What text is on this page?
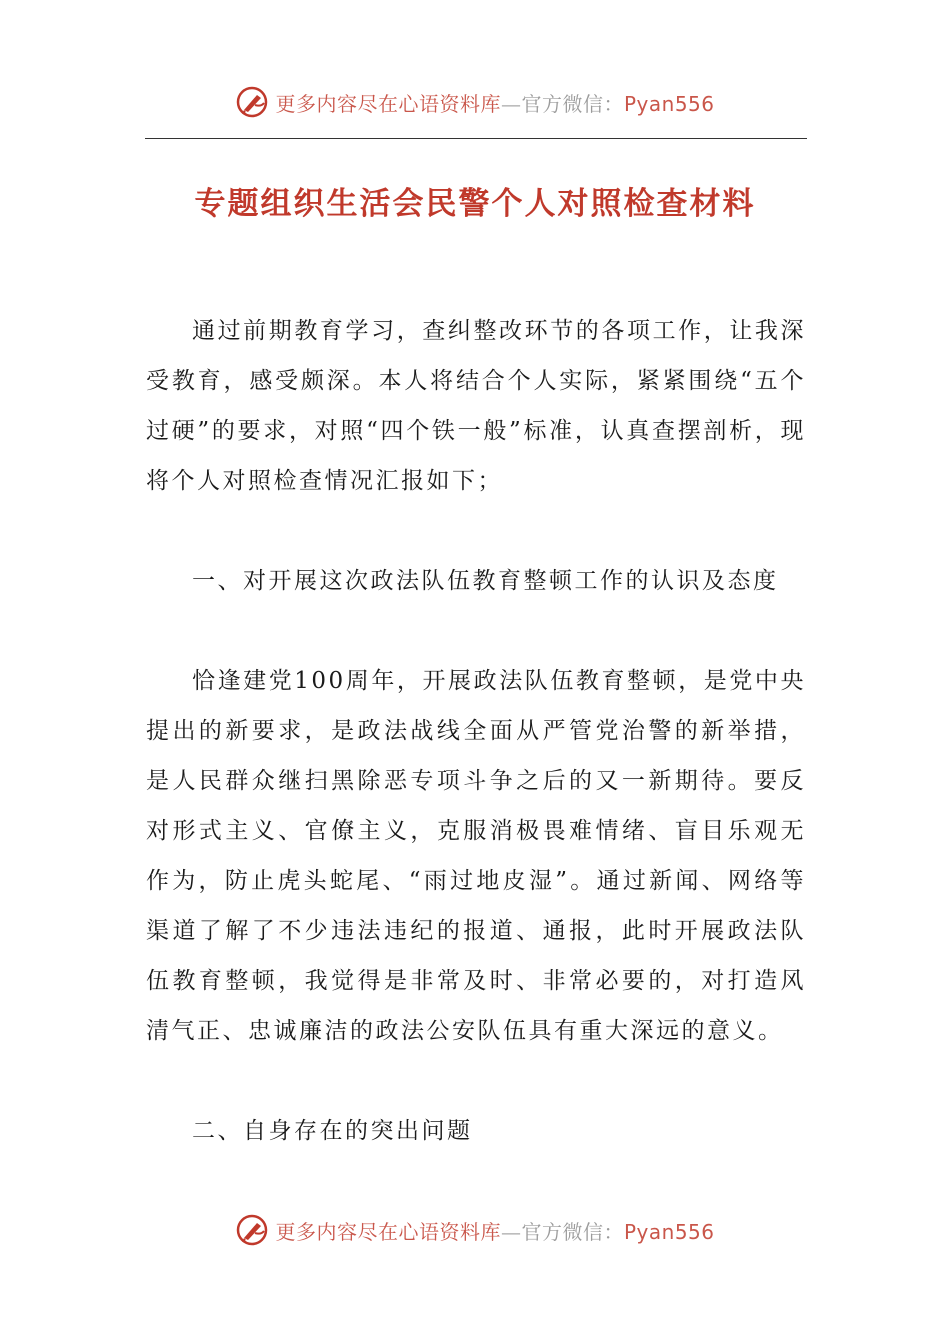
更多内容尽在心语资料库—官方微信：Pyan556
专题组织生活会民警个人对照检查材料

通过前期教育学习，查纠整改环节的各项工作，让我深受教育，感受颇深。本人将结合个人实际，紧紧围绕“五个过硬”的要求，对照“四个铁一般”标准，认真查摆剖析，现将个人对照检查情况汇报如下；

一、对开展这次政法队伍教育整顿工作的认识及态度

恰逢建党100周年，开展政法队伍教育整顿，是党中央提出的新要求，是政法战线全面从严管党治警的新举措，是人民群众继扫黑除恶专项斗争之后的又一新期待。要反对形式主义、官僚主义，克服消极畏难情绪、盲目乐观无作为，防止虎头蛇尾、“雨过地皮湿”。通过新闻、网络等渠道了解了不少违法违纪的报道、通报，此时开展政法队伍教育整顿，我觉得是非常及时、非常必要的，对打造风清气正、忠诚廉洁的政法公安队伍具有重大深远的意义。

二、自身存在的突出问题

更多内容尽在心语资料库—官方微信：Pyan556
